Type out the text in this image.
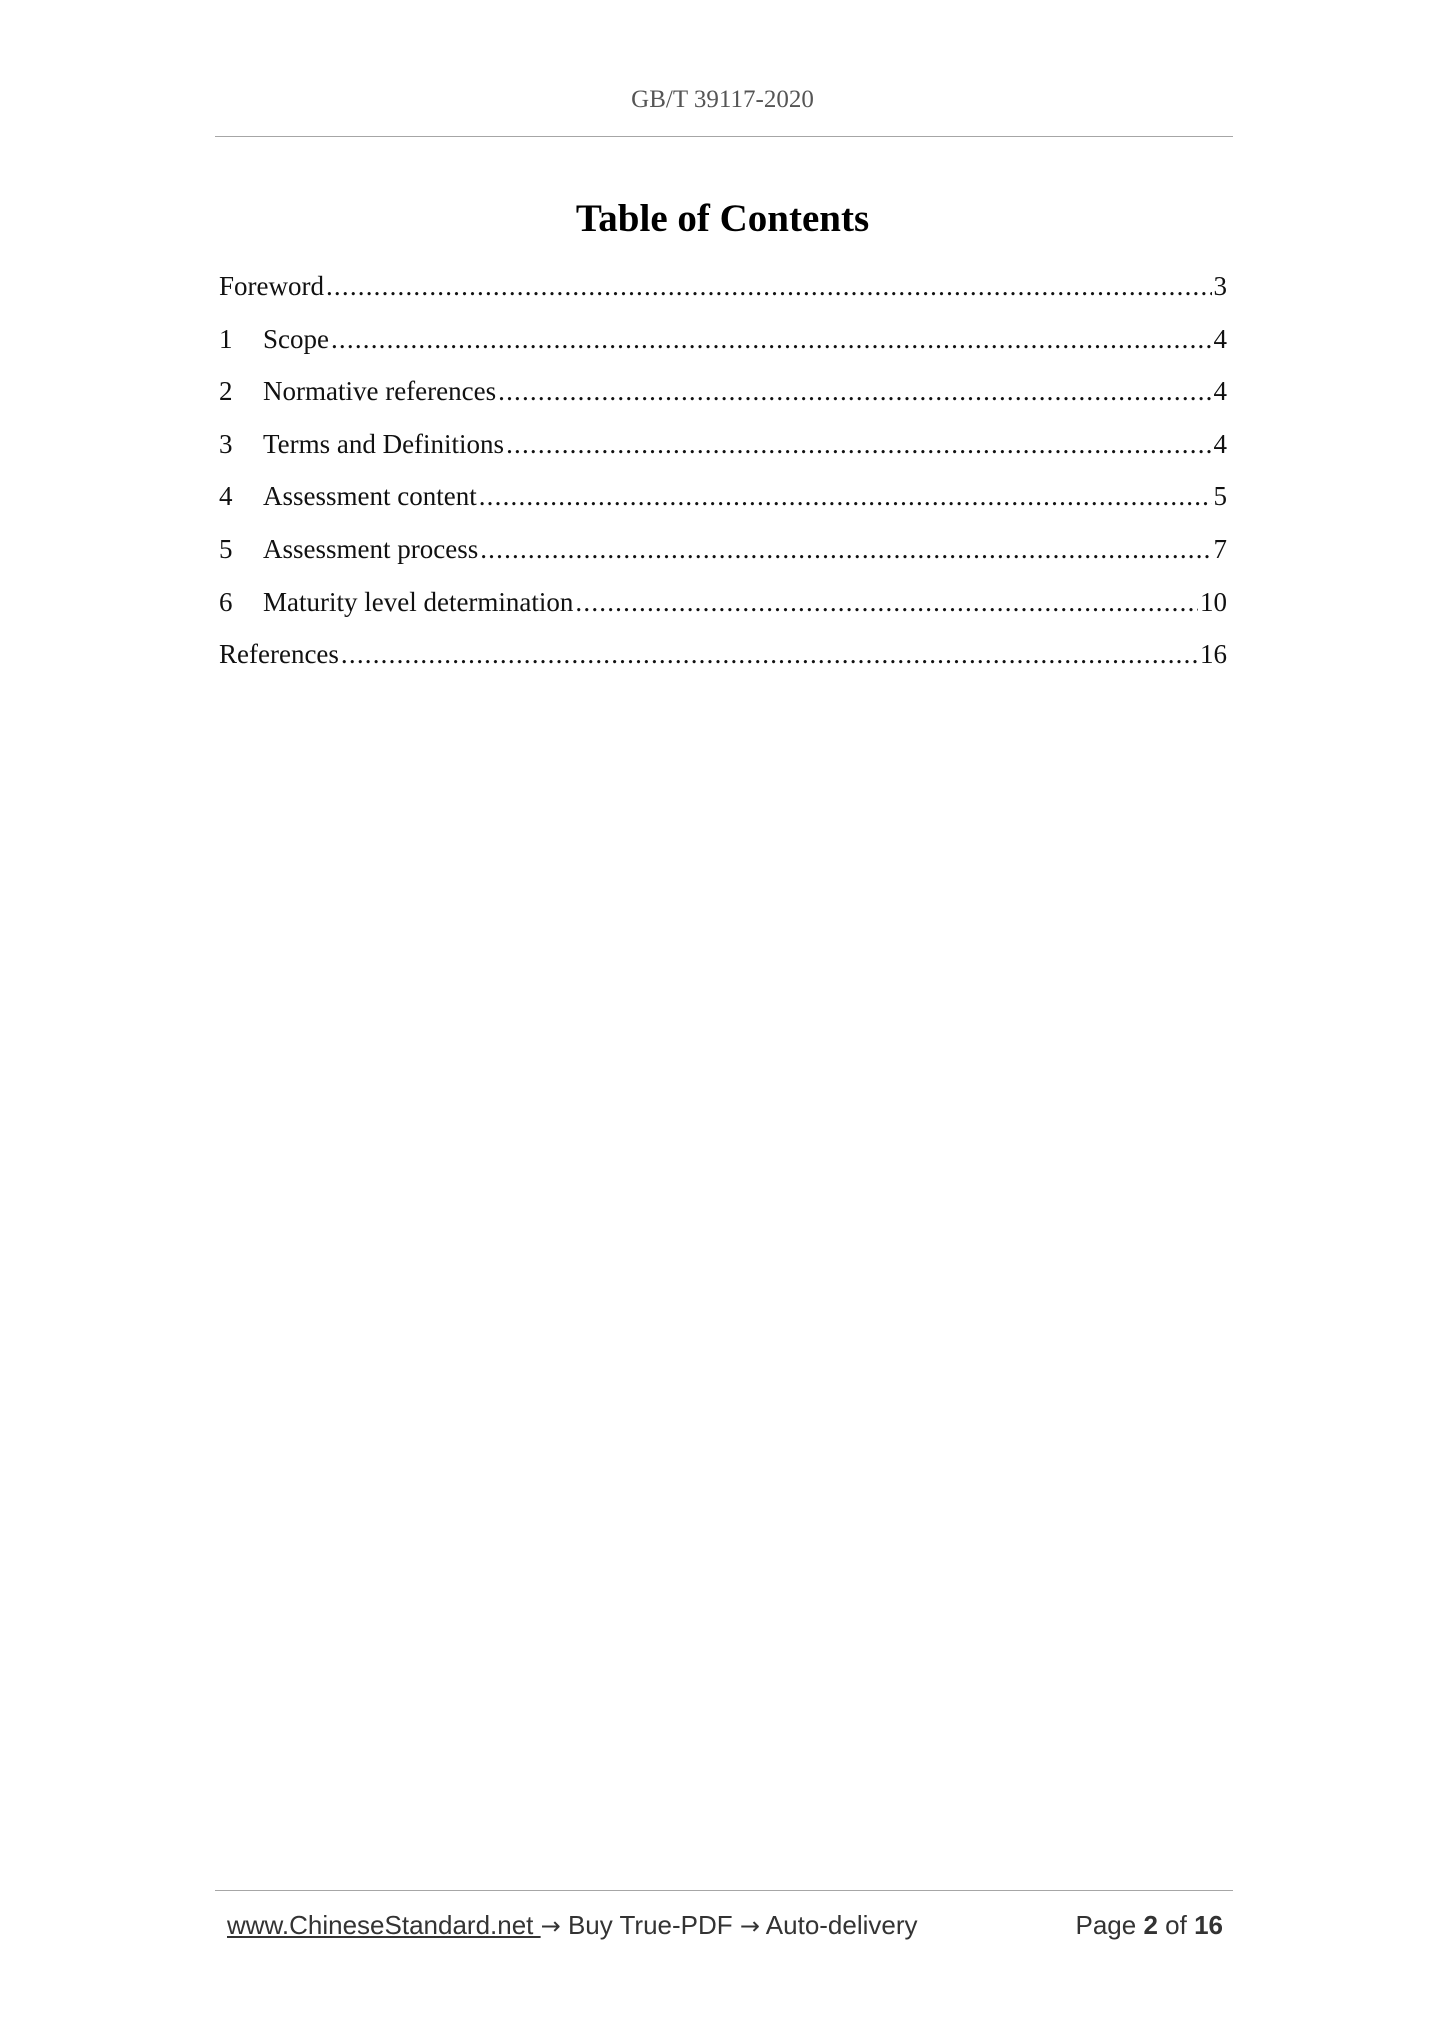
GB/T 39117-2020
Table of Contents
Foreword .....	3
1	Scope .....	4
2	Normative references .....	4
3	Terms and Definitions .....	4
4	Assessment content .....	5
5	Assessment process .....	7
6	Maturity level determination .....	10
References .....	16
www.ChineseStandard.net → Buy True-PDF → Auto-delivery	Page 2 of 16
